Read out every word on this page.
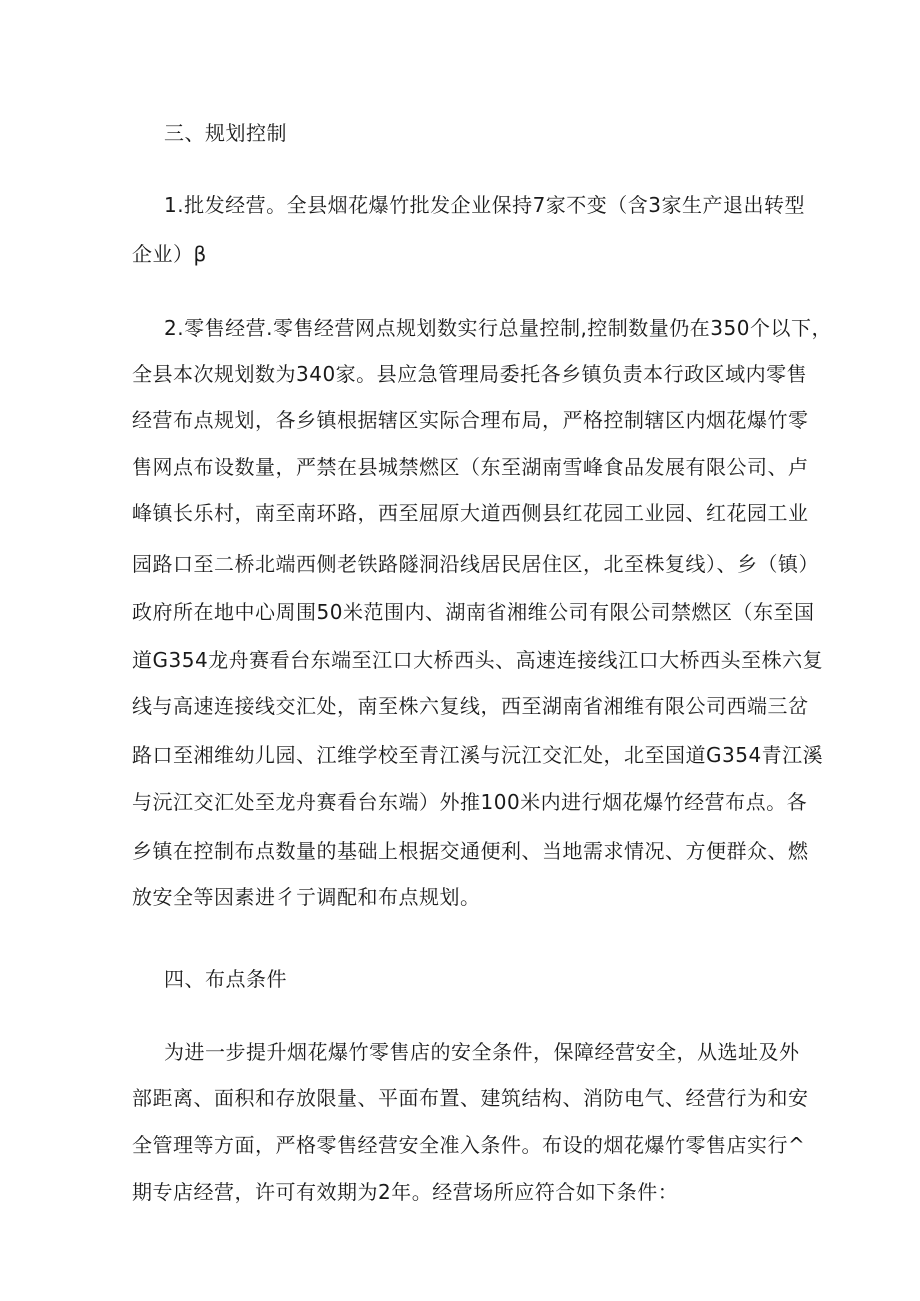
三、规划控制
1.批发经营。全县烟花爆竹批发企业保持7家不变（含3家生产退出转型
企业）β
2.零售经营.零售经营网点规划数实行总量控制,控制数量仍在350个以下，
全县本次规划数为340家。县应急管理局委托各乡镇负责本行政区域内零售
经营布点规划，各乡镇根据辖区实际合理布局，严格控制辖区内烟花爆竹零
售网点布设数量，严禁在县城禁燃区（东至湖南雪峰食品发展有限公司、卢
峰镇长乐村，南至南环路，西至屈原大道西侧县红花园工业园、红花园工业
园路口至二桥北端西侧老铁路隧洞沿线居民居住区，北至株复线）、乡（镇）
政府所在地中心周围50米范围内、湖南省湘维公司有限公司禁燃区（东至国
道G354龙舟赛看台东端至江口大桥西头、高速连接线江口大桥西头至株六复
线与高速连接线交汇处，南至株六复线，西至湖南省湘维有限公司西端三岔
路口至湘维幼儿园、江维学校至青江溪与沅江交汇处，北至国道G354青江溪
与沅江交汇处至龙舟赛看台东端）外推100米内进行烟花爆竹经营布点。各
乡镇在控制布点数量的基础上根据交通便利、当地需求情况、方便群众、燃
放安全等因素进彳亍调配和布点规划。
四、布点条件
为进一步提升烟花爆竹零售店的安全条件，保障经营安全，从选址及外
部距离、面积和存放限量、平面布置、建筑结构、消防电气、经营行为和安
全管理等方面，严格零售经营安全准入条件。布设的烟花爆竹零售店实行^
期专店经营，许可有效期为2年。经营场所应符合如下条件：
